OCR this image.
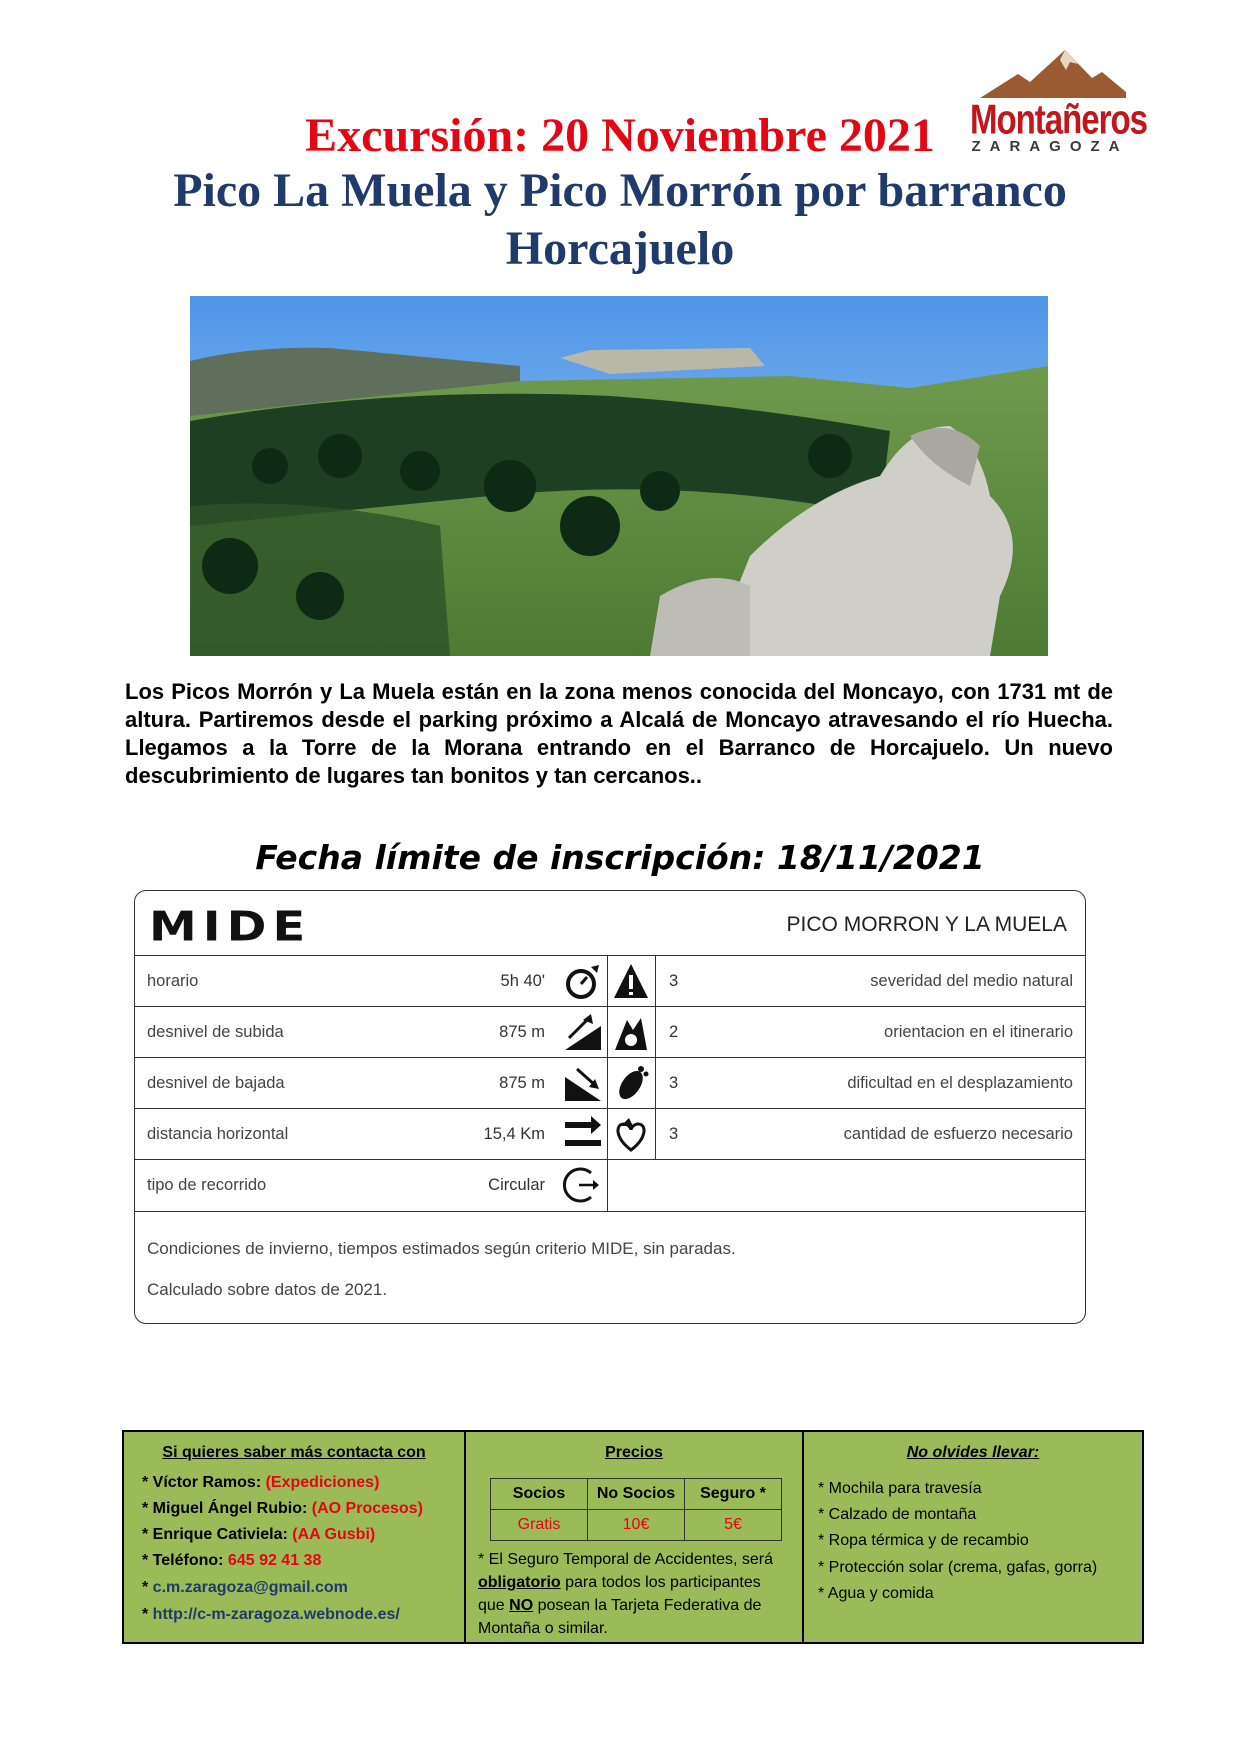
Excursión: 20 Noviembre 2021
Pico La Muela y Pico Morrón por barranco
Horcajuelo
Montañeros
ZARAGOZA
Los Picos Morrón y La Muela están en la zona menos conocida del Moncayo, con 1731 mt de altura. Partiremos desde el parking próximo a Alcalá de Moncayo atravesando el río Huecha. Llegamos a la Torre de la Morana entrando en el Barranco de Horcajuelo. Un nuevo descubrimiento de lugares tan bonitos y tan cercanos..
Fecha límite de inscripción: 18/11/2021
MIDE	PICO MORRON Y LA MUELA
horario	5h 40'	3	severidad del medio natural
desnivel de subida	875 m	2	orientacion en el itinerario
desnivel de bajada	875 m	3	dificultad en el desplazamiento
distancia horizontal	15,4 Km	3	cantidad de esfuerzo necesario
tipo de recorrido	Circular
Condiciones de invierno, tiempos estimados según criterio MIDE, sin paradas.
Calculado sobre datos de 2021.
Si quieres saber más contacta con
* Víctor Ramos: (Expediciones)
* Miguel Ángel Rubio: (AO Procesos)
* Enrique Cativiela: (AA Gusbi)
* Teléfono: 645 92 41 38
* c.m.zaragoza@gmail.com
* http://c-m-zaragoza.webnode.es/
Precios
Socios	No Socios	Seguro *
Gratis	10€	5€
* El Seguro Temporal de Accidentes, será
obligatorio para todos los participantes
que NO posean la Tarjeta Federativa de
Montaña o similar.
No olvides llevar:
* Mochila para travesía
* Calzado de montaña
* Ropa térmica y de recambio
* Protección solar (crema, gafas, gorra)
* Agua y comida
